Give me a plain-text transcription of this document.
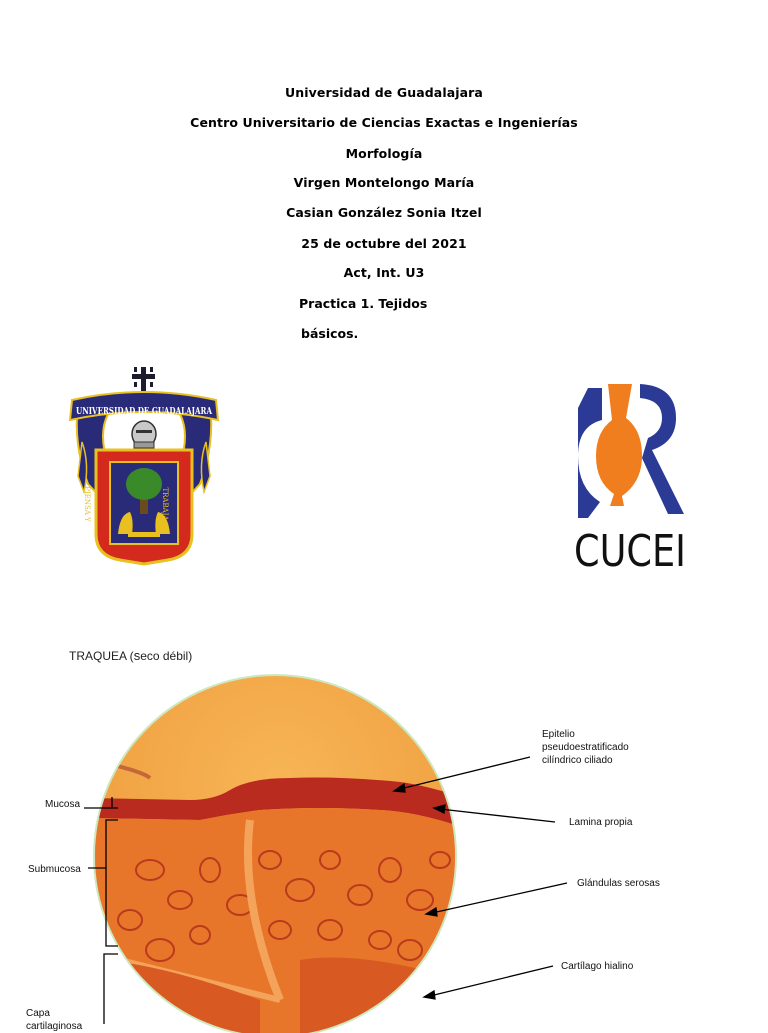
Universidad de Guadalajara
Centro Universitario de Ciencias Exactas e Ingenierías
Morfología
Virgen Montelongo María
Casian González Sonia Itzel
25 de octubre del 2021
Act, Int. U3
Practica 1. Tejidos
básicos.
UNIVERSIDAD DE GUADALAJARA
PIENSA Y	TRABAJA
CUCEI
TRAQUEA (seco débil)
Epitelio
pseudoestratificado
cilíndrico ciliado
Mucosa
Lamina propia
Submucosa
Glándulas serosas
Cartílago hialino
Capa
cartilaginosa
